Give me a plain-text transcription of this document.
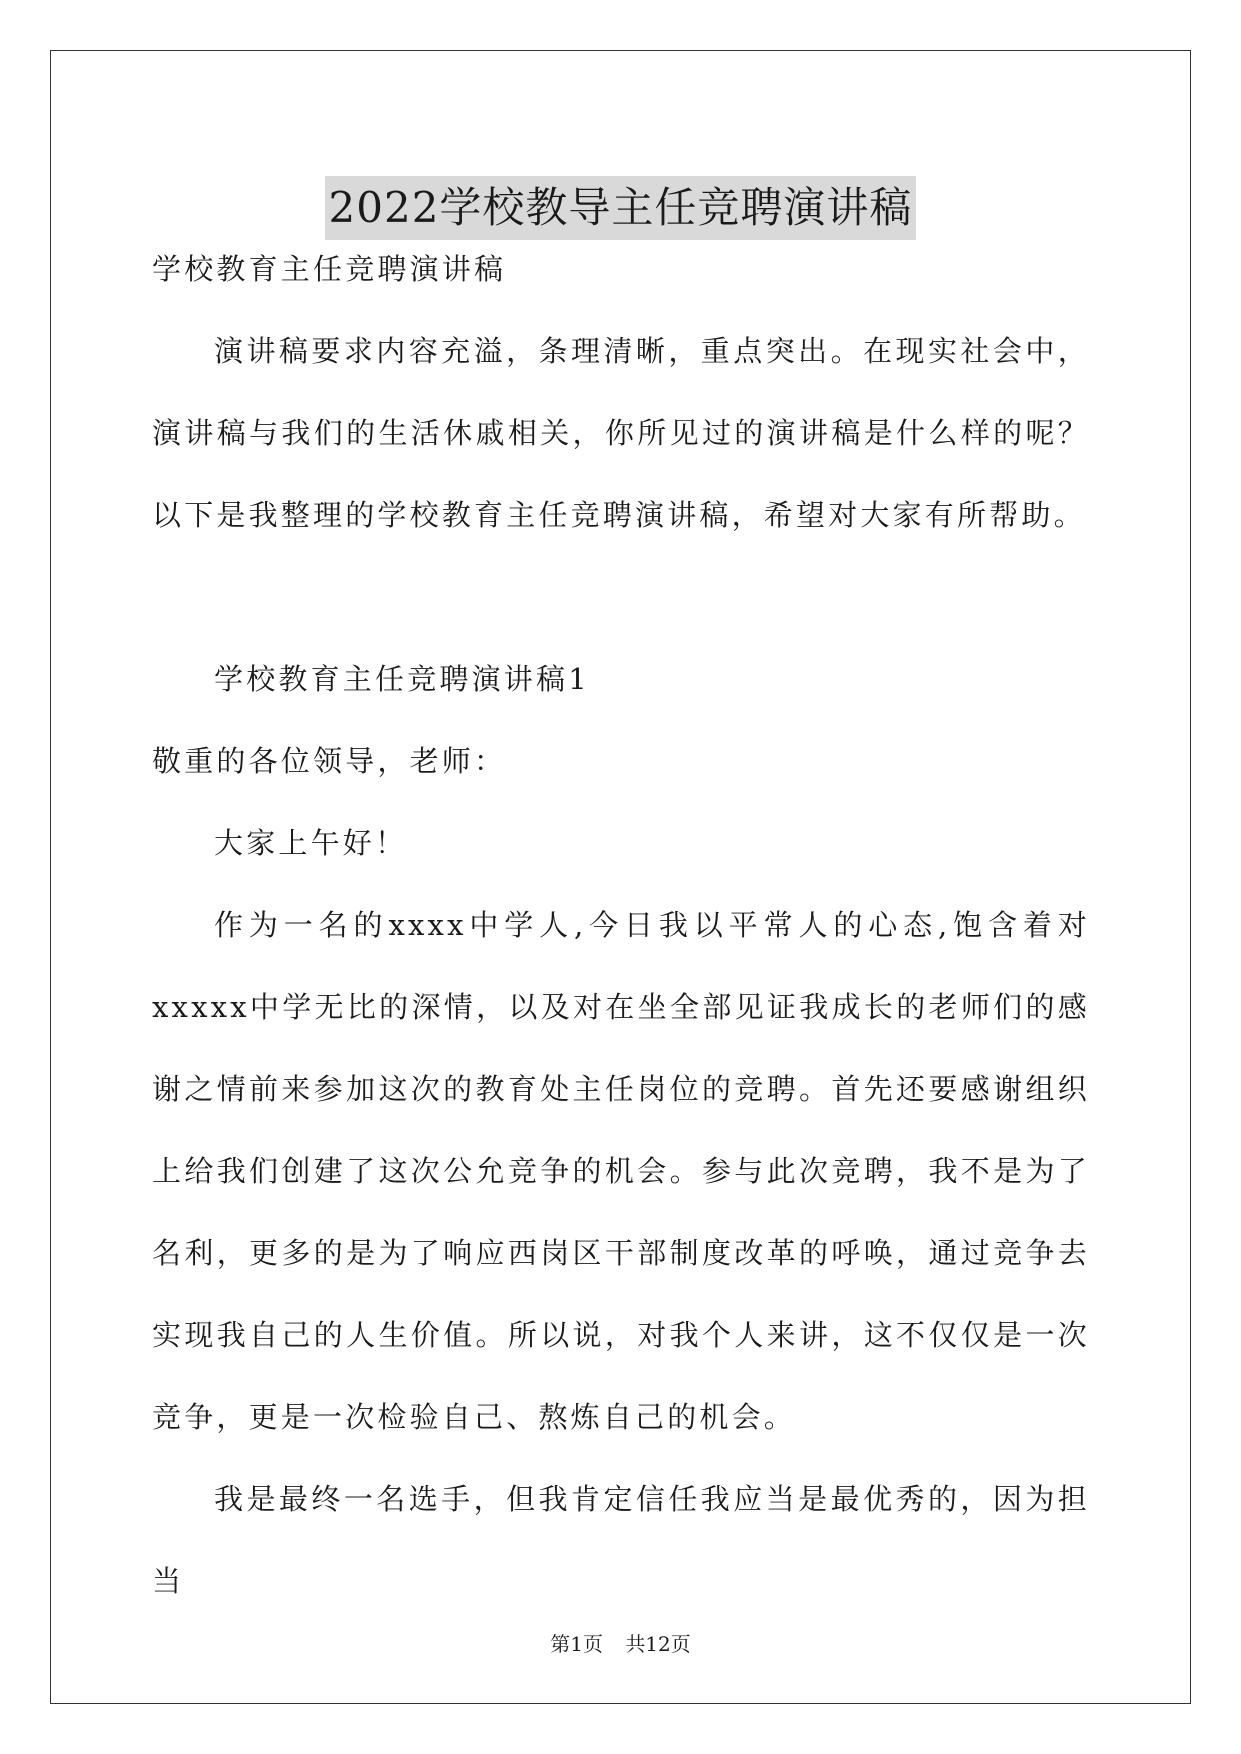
2022学校教导主任竞聘演讲稿

学校教育主任竞聘演讲稿

演讲稿要求内容充溢，条理清晰，重点突出。在现实社会中，演讲稿与我们的生活休戚相关，你所见过的演讲稿是什么样的呢？以下是我整理的学校教育主任竞聘演讲稿，希望对大家有所帮助。

学校教育主任竞聘演讲稿1

敬重的各位领导，老师：

大家上午好！

作为一名的xxxx中学人,今日我以平常人的心态,饱含着对xxxxx中学无比的深情，以及对在坐全部见证我成长的老师们的感谢之情前来参加这次的教育处主任岗位的竞聘。首先还要感谢组织上给我们创建了这次公允竞争的机会。参与此次竞聘，我不是为了名利，更多的是为了响应西岗区干部制度改革的呼唤，通过竞争去实现我自己的人生价值。所以说，对我个人来讲，这不仅仅是一次竞争，更是一次检验自己、熬炼自己的机会。

我是最终一名选手，但我肯定信任我应当是最优秀的，因为担当

第1页 共12页
